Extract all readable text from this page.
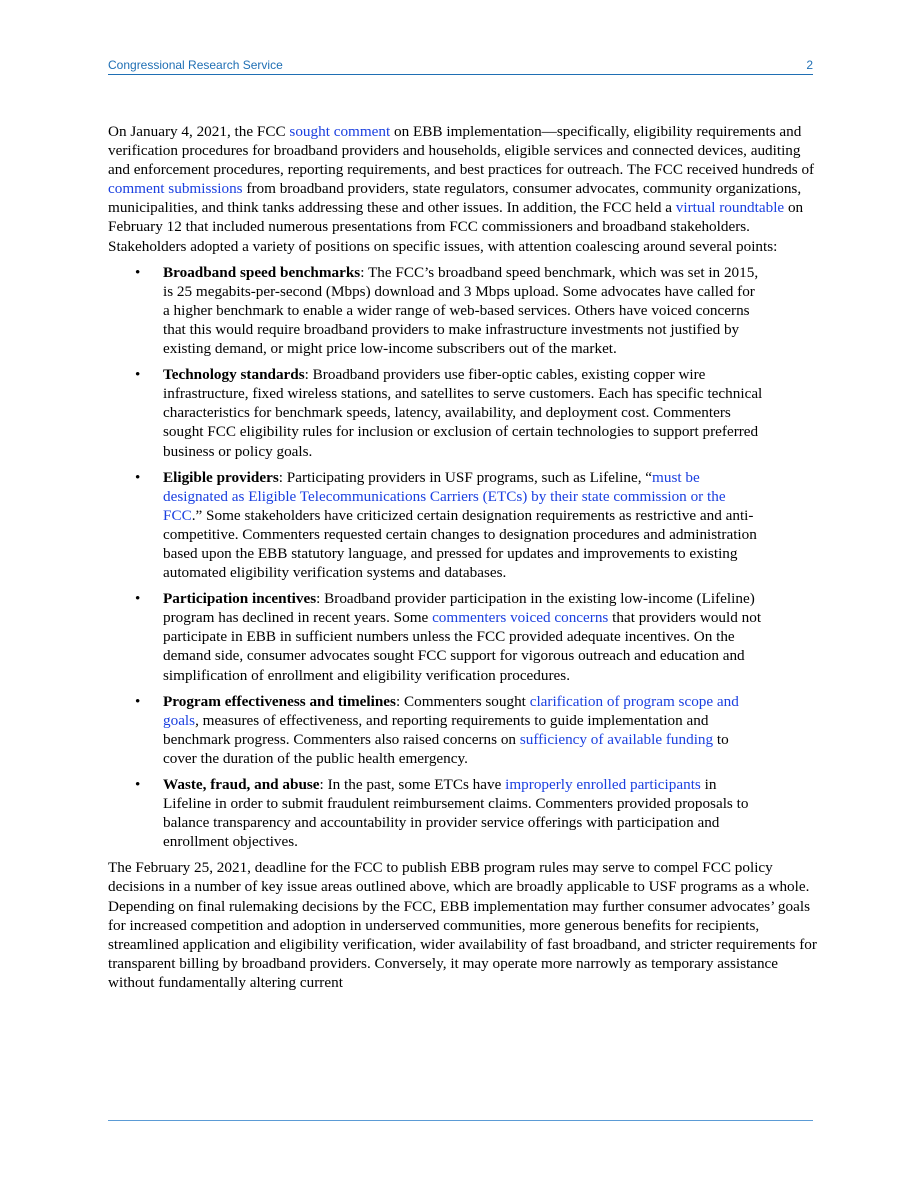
Congressional Research Service	2

On January 4, 2021, the FCC sought comment on EBB implementation—specifically, eligibility requirements and verification procedures for broadband providers and households, eligible services and connected devices, auditing and enforcement procedures, reporting requirements, and best practices for outreach. The FCC received hundreds of comment submissions from broadband providers, state regulators, consumer advocates, community organizations, municipalities, and think tanks addressing these and other issues. In addition, the FCC held a virtual roundtable on February 12 that included numerous presentations from FCC commissioners and broadband stakeholders. Stakeholders adopted a variety of positions on specific issues, with attention coalescing around several points:

• Broadband speed benchmarks: The FCC’s broadband speed benchmark, which was set in 2015, is 25 megabits-per-second (Mbps) download and 3 Mbps upload. Some advocates have called for a higher benchmark to enable a wider range of web-based services. Others have voiced concerns that this would require broadband providers to make infrastructure investments not justified by existing demand, or might price low-income subscribers out of the market.
• Technology standards: Broadband providers use fiber-optic cables, existing copper wire infrastructure, fixed wireless stations, and satellites to serve customers. Each has specific technical characteristics for benchmark speeds, latency, availability, and deployment cost. Commenters sought FCC eligibility rules for inclusion or exclusion of certain technologies to support preferred business or policy goals.
• Eligible providers: Participating providers in USF programs, such as Lifeline, “must be designated as Eligible Telecommunications Carriers (ETCs) by their state commission or the FCC.” Some stakeholders have criticized certain designation requirements as restrictive and anti-competitive. Commenters requested certain changes to designation procedures and administration based upon the EBB statutory language, and pressed for updates and improvements to existing automated eligibility verification systems and databases.
• Participation incentives: Broadband provider participation in the existing low-income (Lifeline) program has declined in recent years. Some commenters voiced concerns that providers would not participate in EBB in sufficient numbers unless the FCC provided adequate incentives. On the demand side, consumer advocates sought FCC support for vigorous outreach and education and simplification of enrollment and eligibility verification procedures.
• Program effectiveness and timelines: Commenters sought clarification of program scope and goals, measures of effectiveness, and reporting requirements to guide implementation and benchmark progress. Commenters also raised concerns on sufficiency of available funding to cover the duration of the public health emergency.
• Waste, fraud, and abuse: In the past, some ETCs have improperly enrolled participants in Lifeline in order to submit fraudulent reimbursement claims. Commenters provided proposals to balance transparency and accountability in provider service offerings with participation and enrollment objectives.

The February 25, 2021, deadline for the FCC to publish EBB program rules may serve to compel FCC policy decisions in a number of key issue areas outlined above, which are broadly applicable to USF programs as a whole. Depending on final rulemaking decisions by the FCC, EBB implementation may further consumer advocates’ goals for increased competition and adoption in underserved communities, more generous benefits for recipients, streamlined application and eligibility verification, wider availability of fast broadband, and stricter requirements for transparent billing by broadband providers. Conversely, it may operate more narrowly as temporary assistance without fundamentally altering current
